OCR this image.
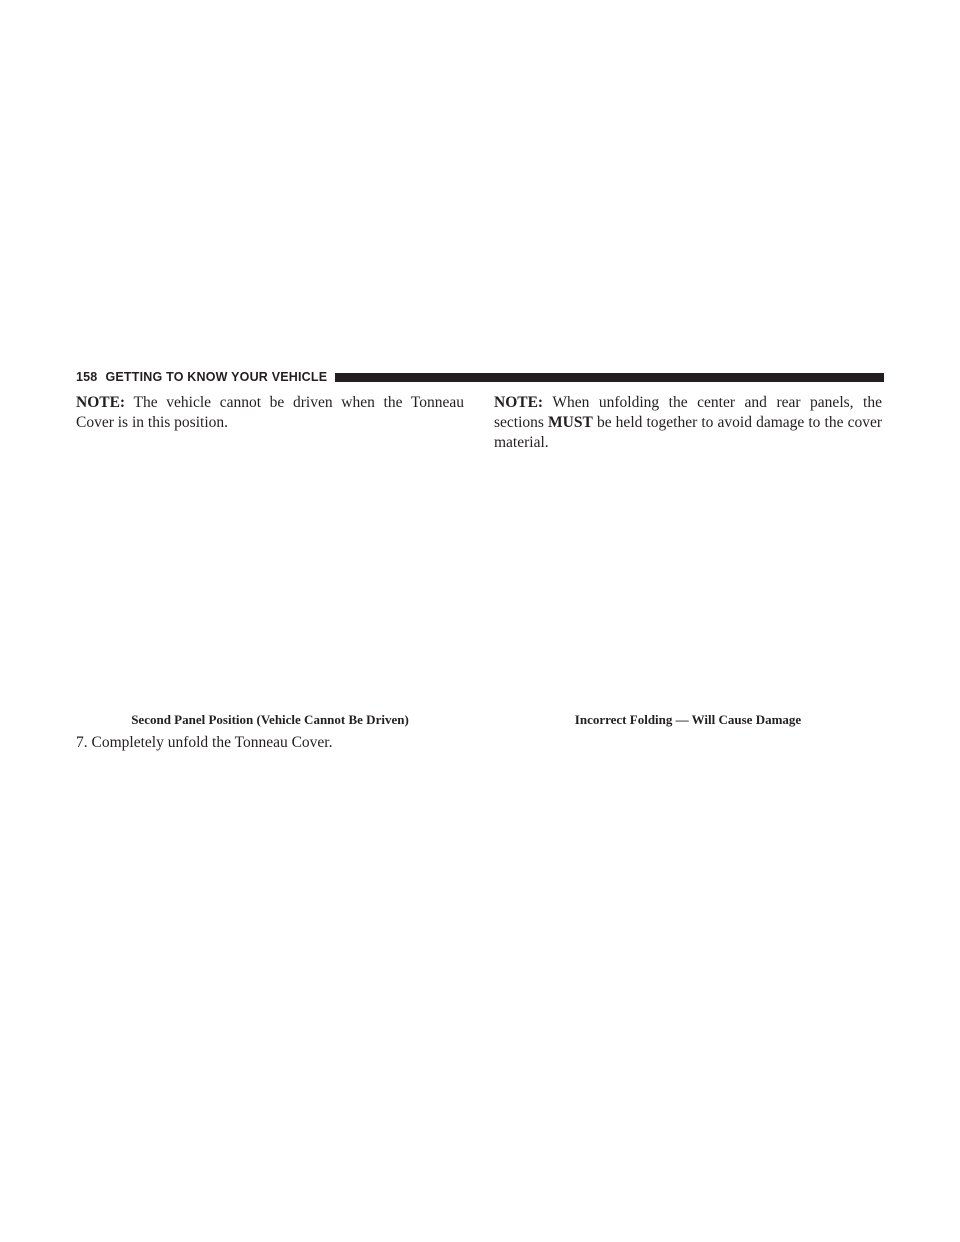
158 GETTING TO KNOW YOUR VEHICLE

NOTE: The vehicle cannot be driven when the Tonneau Cover is in this position.

Second Panel Position (Vehicle Cannot Be Driven)

7. Completely unfold the Tonneau Cover.

NOTE: When unfolding the center and rear panels, the sections MUST be held together to avoid damage to the cover material.

Incorrect Folding — Will Cause Damage
